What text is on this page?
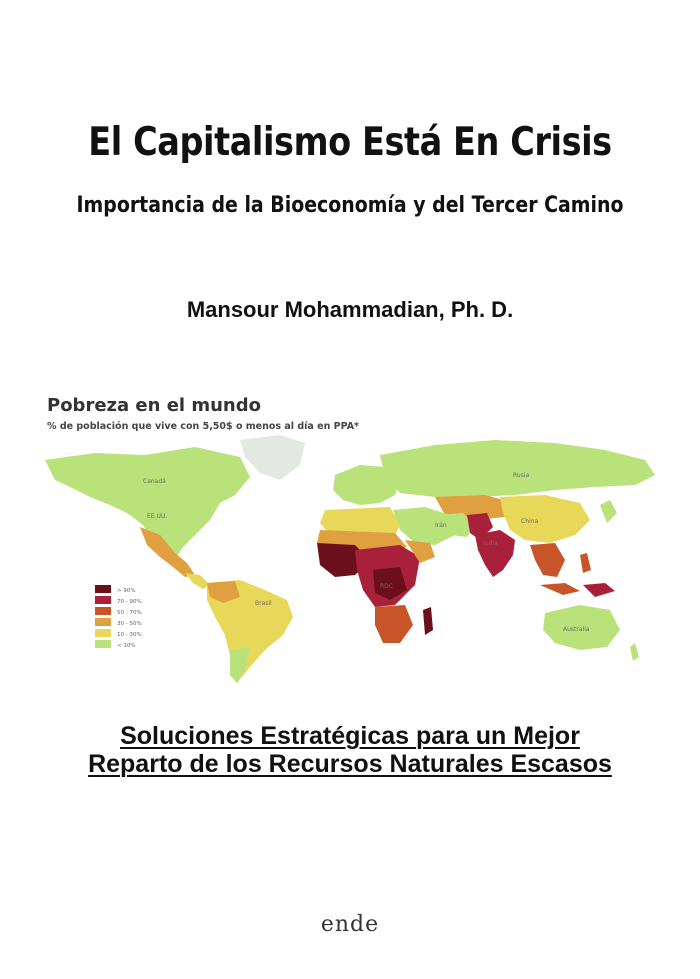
El Capitalismo Está En Crisis
Importancia de la Bioeconomía y del Tercer Camino
Mansour Mohammadian, Ph. D.
Canadá
EE.UU.
Brasil
Rusia
China
India
Irán
RDC
Australia
> 90%
70 - 90%
50 - 70%
30 - 50%
10 - 30%
< 10%
Pobreza en el mundo
% de población que vive con 5,50$ o menos al día en PPA*
Soluciones Estratégicas para un Mejor
Reparto de los Recursos Naturales Escasos
ende
